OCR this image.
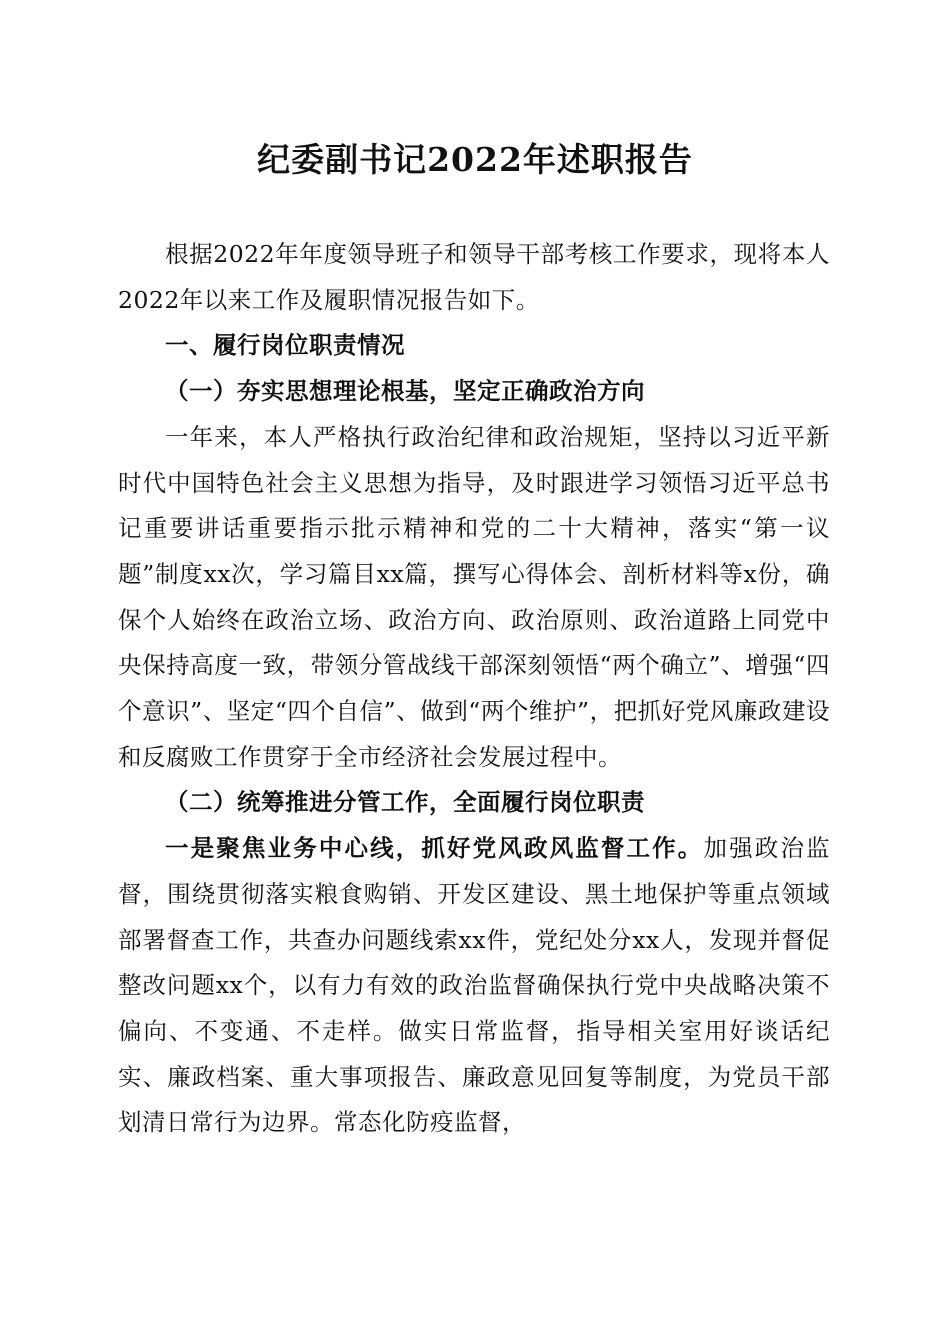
纪委副书记2022年述职报告

根据2022年年度领导班子和领导干部考核工作要求，现将本人2022年以来工作及履职情况报告如下。

一、履行岗位职责情况

（一）夯实思想理论根基，坚定正确政治方向

一年来，本人严格执行政治纪律和政治规矩，坚持以习近平新时代中国特色社会主义思想为指导，及时跟进学习领悟习近平总书记重要讲话重要指示批示精神和党的二十大精神，落实“第一议题”制度xx次，学习篇目xx篇，撰写心得体会、剖析材料等x份，确保个人始终在政治立场、政治方向、政治原则、政治道路上同党中央保持高度一致，带领分管战线干部深刻领悟“两个确立”、增强“四个意识”、坚定“四个自信”、做到“两个维护”，把抓好党风廉政建设和反腐败工作贯穿于全市经济社会发展过程中。

（二）统筹推进分管工作，全面履行岗位职责

一是聚焦业务中心线，抓好党风政风监督工作。加强政治监督，围绕贯彻落实粮食购销、开发区建设、黑土地保护等重点领域部署督查工作，共查办问题线索xx件，党纪处分xx人，发现并督促整改问题xx个，以有力有效的政治监督确保执行党中央战略决策不偏向、不变通、不走样。做实日常监督，指导相关室用好谈话纪实、廉政档案、重大事项报告、廉政意见回复等制度，为党员干部划清日常行为边界。常态化防疫监督，
